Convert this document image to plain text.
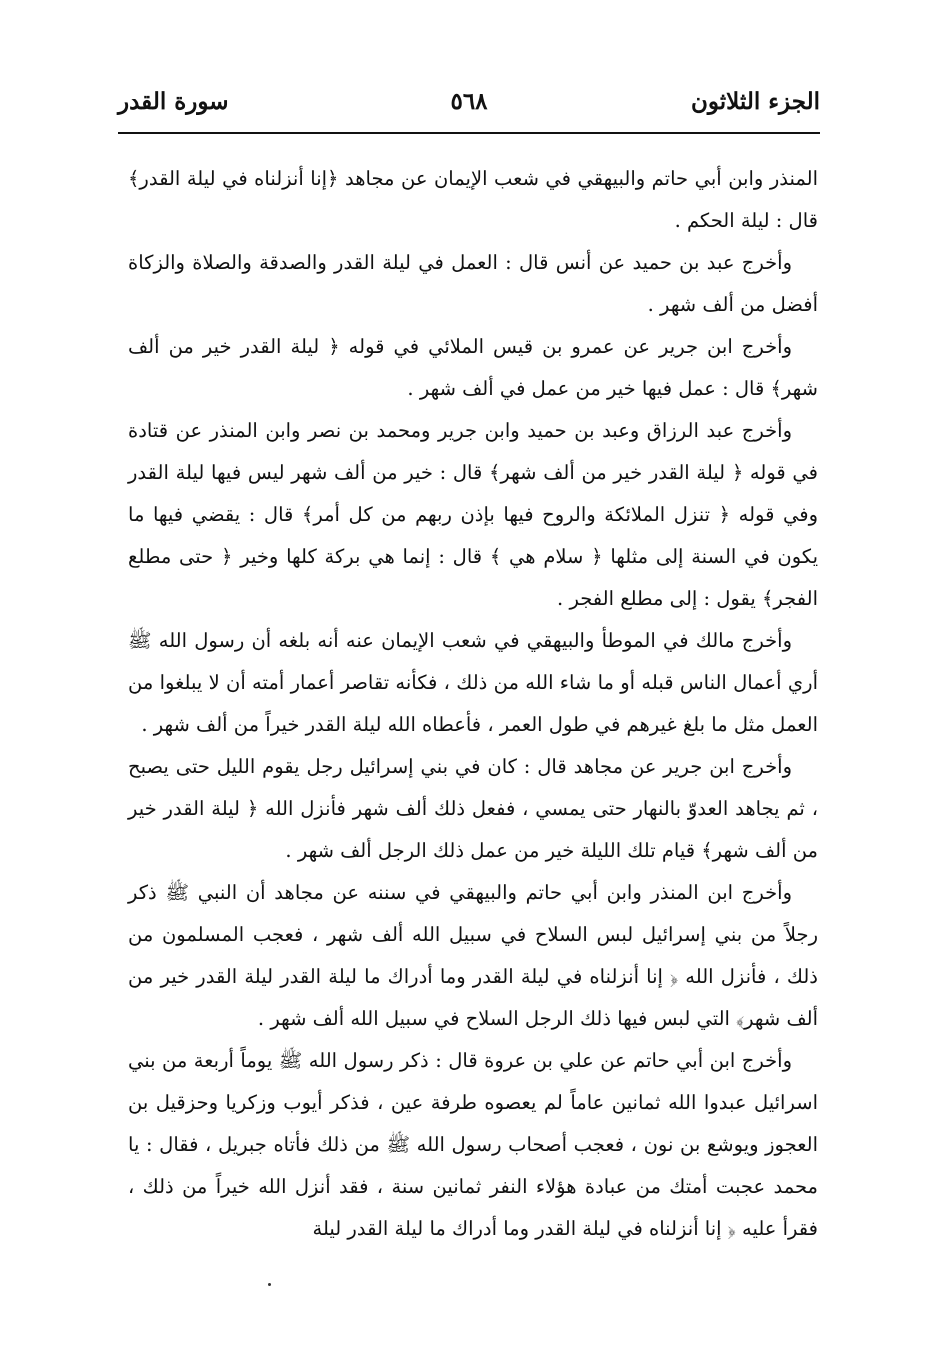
الجزء الثلاثون
٥٦٨
سورة القدر

المنذر وابن أبي حاتم والبيهقي في شعب الإيمان عن مجاهد ﴿إنا أنزلناه في ليلة القدر﴾ قال : ليلة الحكم .

وأخرج عبد بن حميد عن أنس قال : العمل في ليلة القدر والصدقة والصلاة والزكاة أفضل من ألف شهر .

وأخرج ابن جرير عن عمرو بن قيس الملائي في قوله ﴿ ليلة القدر خير من ألف شهر﴾ قال : عمل فيها خير من عمل في ألف شهر .

وأخرج عبد الرزاق وعبد بن حميد وابن جرير ومحمد بن نصر وابن المنذر عن قتادة في قوله ﴿ ليلة القدر خير من ألف شهر﴾ قال : خير من ألف شهر ليس فيها ليلة القدر وفي قوله ﴿ تنزل الملائكة والروح فيها بإذن ربهم من كل أمر﴾ قال : يقضي فيها ما يكون في السنة إلى مثلها ﴿ سلام هي ﴾ قال : إنما هي بركة كلها وخير ﴿ حتى مطلع الفجر﴾ يقول : إلى مطلع الفجر .

وأخرج مالك في الموطأ والبيهقي في شعب الإيمان عنه أنه بلغه أن رسول الله ﷺ أري أعمال الناس قبله أو ما شاء الله من ذلك ، فكأنه تقاصر أعمار أمته أن لا يبلغوا من العمل مثل ما بلغ غيرهم في طول العمر ، فأعطاه الله ليلة القدر خيراً من ألف شهر .

وأخرج ابن جرير عن مجاهد قال : كان في بني إسرائيل رجل يقوم الليل حتى يصبح ، ثم يجاهد العدوّ بالنهار حتى يمسي ، ففعل ذلك ألف شهر فأنزل الله ﴿ ليلة القدر خير من ألف شهر﴾ قيام تلك الليلة خير من عمل ذلك الرجل ألف شهر .

وأخرج ابن المنذر وابن أبي حاتم والبيهقي في سننه عن مجاهد أن النبي ﷺ ذكر رجلاً من بني إسرائيل لبس السلاح في سبيل الله ألف شهر ، فعجب المسلمون من ذلك ، فأنزل الله ﴿ إنا أنزلناه في ليلة القدر وما أدراك ما ليلة القدر ليلة القدر خير من ألف شهر﴾ التي لبس فيها ذلك الرجل السلاح في سبيل الله ألف شهر .

وأخرج ابن أبي حاتم عن علي بن عروة قال : ذكر رسول الله ﷺ يوماً أربعة من بني اسرائيل عبدوا الله ثمانين عاماً لم يعصوه طرفة عين ، فذكر أيوب وزكريا وحزقيل بن العجوز ويوشع بن نون ، فعجب أصحاب رسول الله ﷺ من ذلك فأتاه جبريل ، فقال : يا محمد عجبت أمتك من عبادة هؤلاء النفر ثمانين سنة ، فقد أنزل الله خيراً من ذلك ، فقرأ عليه ﴿ إنا أنزلناه في ليلة القدر وما أدراك ما ليلة القدر ليلة
